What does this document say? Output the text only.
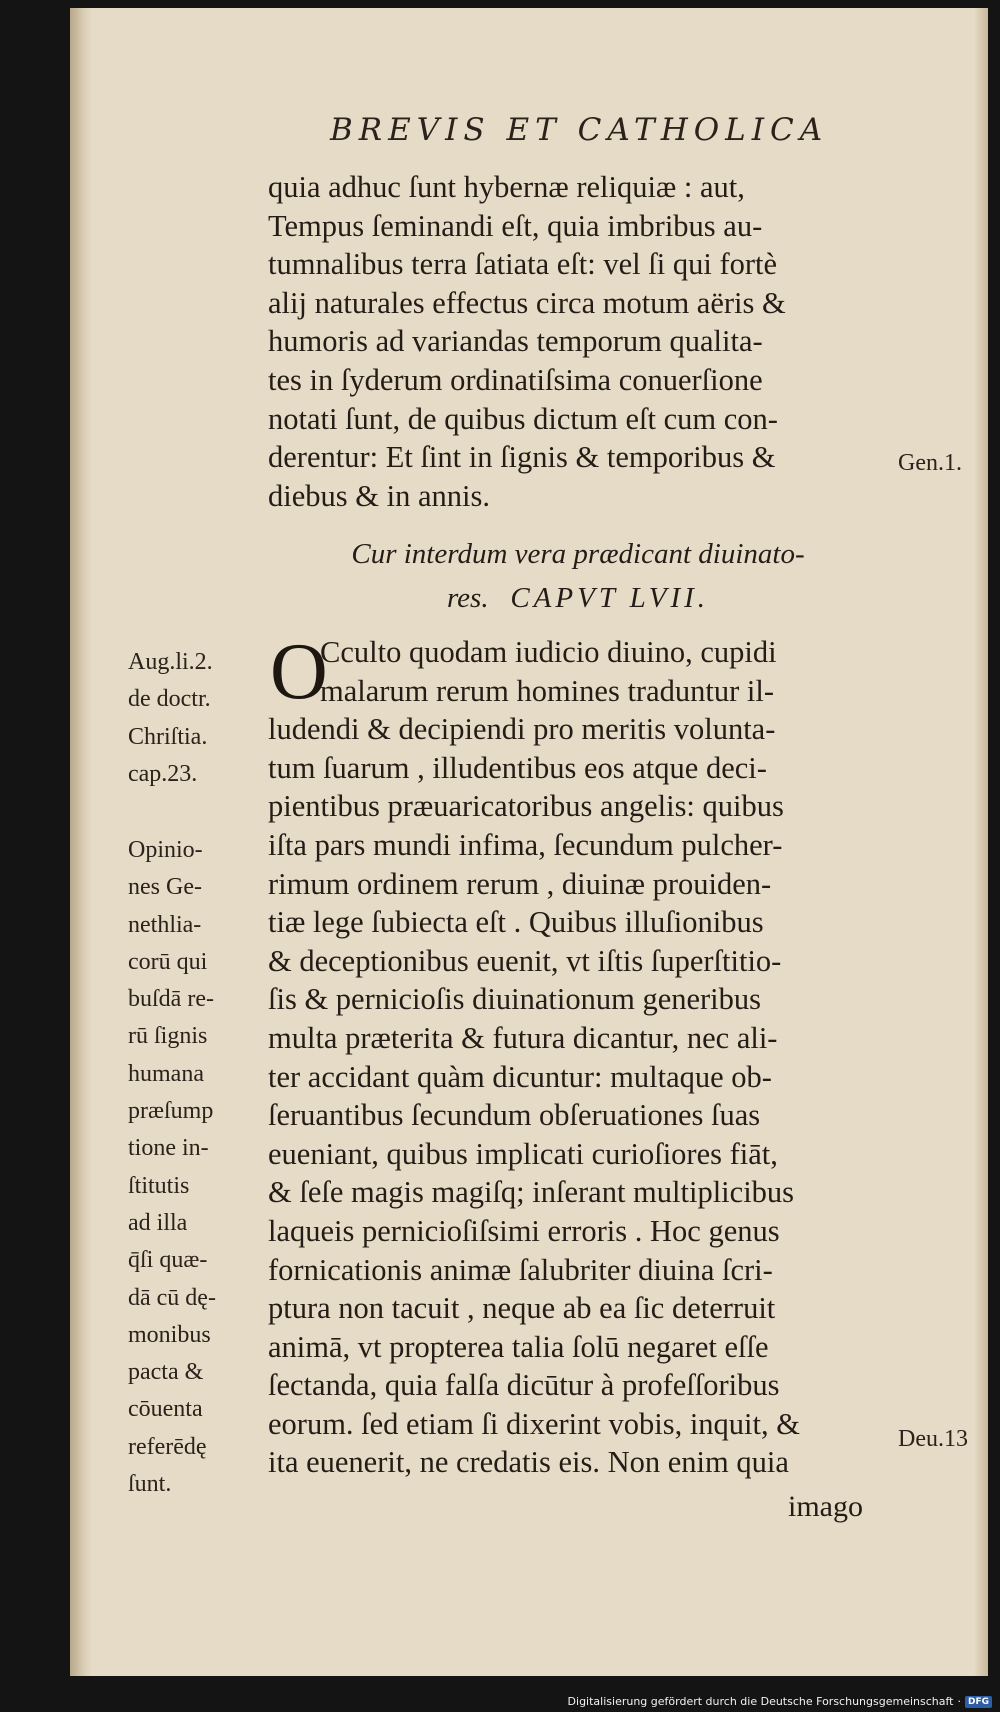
BREVIS ET CATHOLICA
quia adhuc ſunt hybernæ reliquiæ : aut,
Tempus ſeminandi eſt, quia imbribus au-
tumnalibus terra ſatiata eſt: vel ſi qui fortè
alij naturales effectus circa motum aëris &
humoris ad variandas temporum qualita-
tes in ſyderum ordinatiſsima conuerſione
notati ſunt, de quibus dictum eſt cum con-
derentur: Et ſint in ſignis & temporibus &
diebus & in annis.
Cur interdum vera prædicant diuinato-
res. CAPVT LVII.
O
Cculto quodam iudicio diuino, cupidi
malarum rerum homines traduntur il-
ludendi & decipiendi pro meritis volunta-
tum ſuarum , illudentibus eos atque deci-
pientibus præuaricatoribus angelis: quibus
iſta pars mundi infima, ſecundum pulcher-
rimum ordinem rerum , diuinæ prouiden-
tiæ lege ſubiecta eſt . Quibus illuſionibus
& deceptionibus euenit, vt iſtis ſuperſtitio-
ſis & pernicioſis diuinationum generibus
multa præterita & futura dicantur, nec ali-
ter accidant quàm dicuntur: multaque ob-
ſeruantibus ſecundum obſeruationes ſuas
eueniant, quibus implicati curioſiores fiāt,
& ſeſe magis magiſq; inſerant multiplicibus
laqueis pernicioſiſsimi erroris . Hoc genus
fornicationis animæ ſalubriter diuina ſcri-
ptura non tacuit , neque ab ea ſic deterruit
animā, vt propterea talia ſolū negaret eſſe
ſectanda, quia falſa dicūtur à profeſſoribus
eorum. ſed etiam ſi dixerint vobis, inquit, &
ita euenerit, ne credatis eis. Non enim quia
imago
Aug.li.2.
de doctr.
Chriſtia.
cap.23.
Opinio-
nes Ge-
nethlia-
corū qui
buſdā re-
rū ſignis
humana
præſump
tione in-
ſtitutis
ad illa
q̄ſi quæ-
dā cū dę-
monibus
pacta &
cōuenta
referēdę
ſunt.
Gen.1.
Deu.13
Digitalisierung gefördert durch die Deutsche Forschungsgemeinschaft · DFG
